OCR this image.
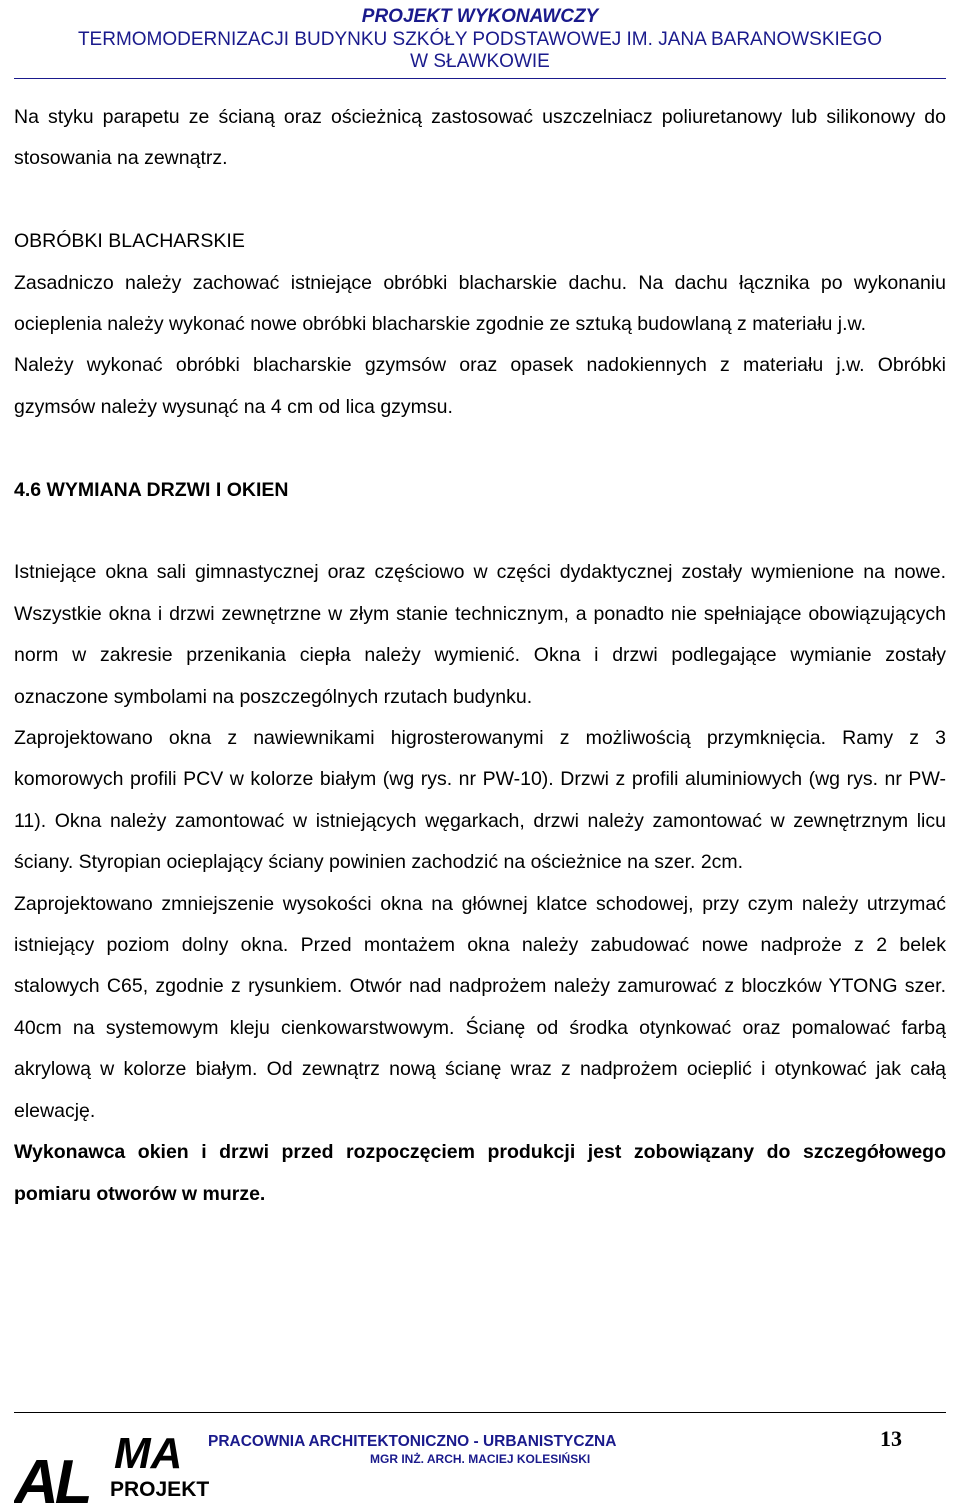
PROJEKT WYKONAWCZY
TERMOMODERNIZACJI BUDYNKU SZKÓŁY PODSTAWOWEJ IM. JANA BARANOWSKIEGO
W SŁAWKOWIE

Na styku parapetu ze ścianą oraz ościeżnicą zastosować uszczelniacz poliuretanowy lub silikonowy do stosowania na zewnątrz.

OBRÓBKI BLACHARSKIE

Zasadniczo należy zachować istniejące obróbki blacharskie dachu. Na dachu łącznika po wykonaniu ocieplenia należy wykonać nowe obróbki blacharskie zgodnie ze sztuką budowlaną z materiału j.w.

Należy wykonać obróbki blacharskie gzymsów oraz opasek nadokiennych z materiału j.w. Obróbki gzymsów należy wysunąć na 4 cm od lica gzymsu.

4.6 WYMIANA DRZWI I OKIEN

Istniejące okna sali gimnastycznej oraz częściowo w części dydaktycznej zostały wymienione na nowe. Wszystkie okna i drzwi zewnętrzne w złym stanie technicznym, a ponadto nie spełniające obowiązujących norm w zakresie przenikania ciepła należy wymienić. Okna i drzwi podlegające wymianie zostały oznaczone symbolami na poszczególnych rzutach budynku.

Zaprojektowano okna z nawiewnikami higrosterowanymi z możliwością przymknięcia. Ramy z 3 komorowych profili PCV w kolorze białym (wg rys. nr PW-10). Drzwi z profili aluminiowych (wg rys. nr PW-11). Okna należy zamontować w istniejących węgarkach, drzwi należy zamontować w zewnętrznym licu ściany. Styropian ocieplający ściany powinien zachodzić na ościeżnice na szer. 2cm.

Zaprojektowano zmniejszenie wysokości okna na głównej klatce schodowej, przy czym należy utrzymać istniejący poziom dolny okna. Przed montażem okna należy zabudować nowe nadproże z 2 belek stalowych C65, zgodnie z rysunkiem. Otwór nad nadprożem należy zamurować z bloczków YTONG szer. 40cm na systemowym kleju cienkowarstwowym. Ścianę od środka otynkować oraz pomalować farbą akrylową w kolorze białym. Od zewnątrz nową ścianę wraz z nadprożem ocieplić i otynkować jak całą elewację.

Wykonawca okien i drzwi przed rozpoczęciem produkcji jest zobowiązany do szczegółowego pomiaru otworów w murze.

MA
AL PROJEKT
PRACOWNIA ARCHITEKTONICZNO - URBANISTYCZNA
MGR INŻ. ARCH. MACIEJ KOLESIŃSKI
13
